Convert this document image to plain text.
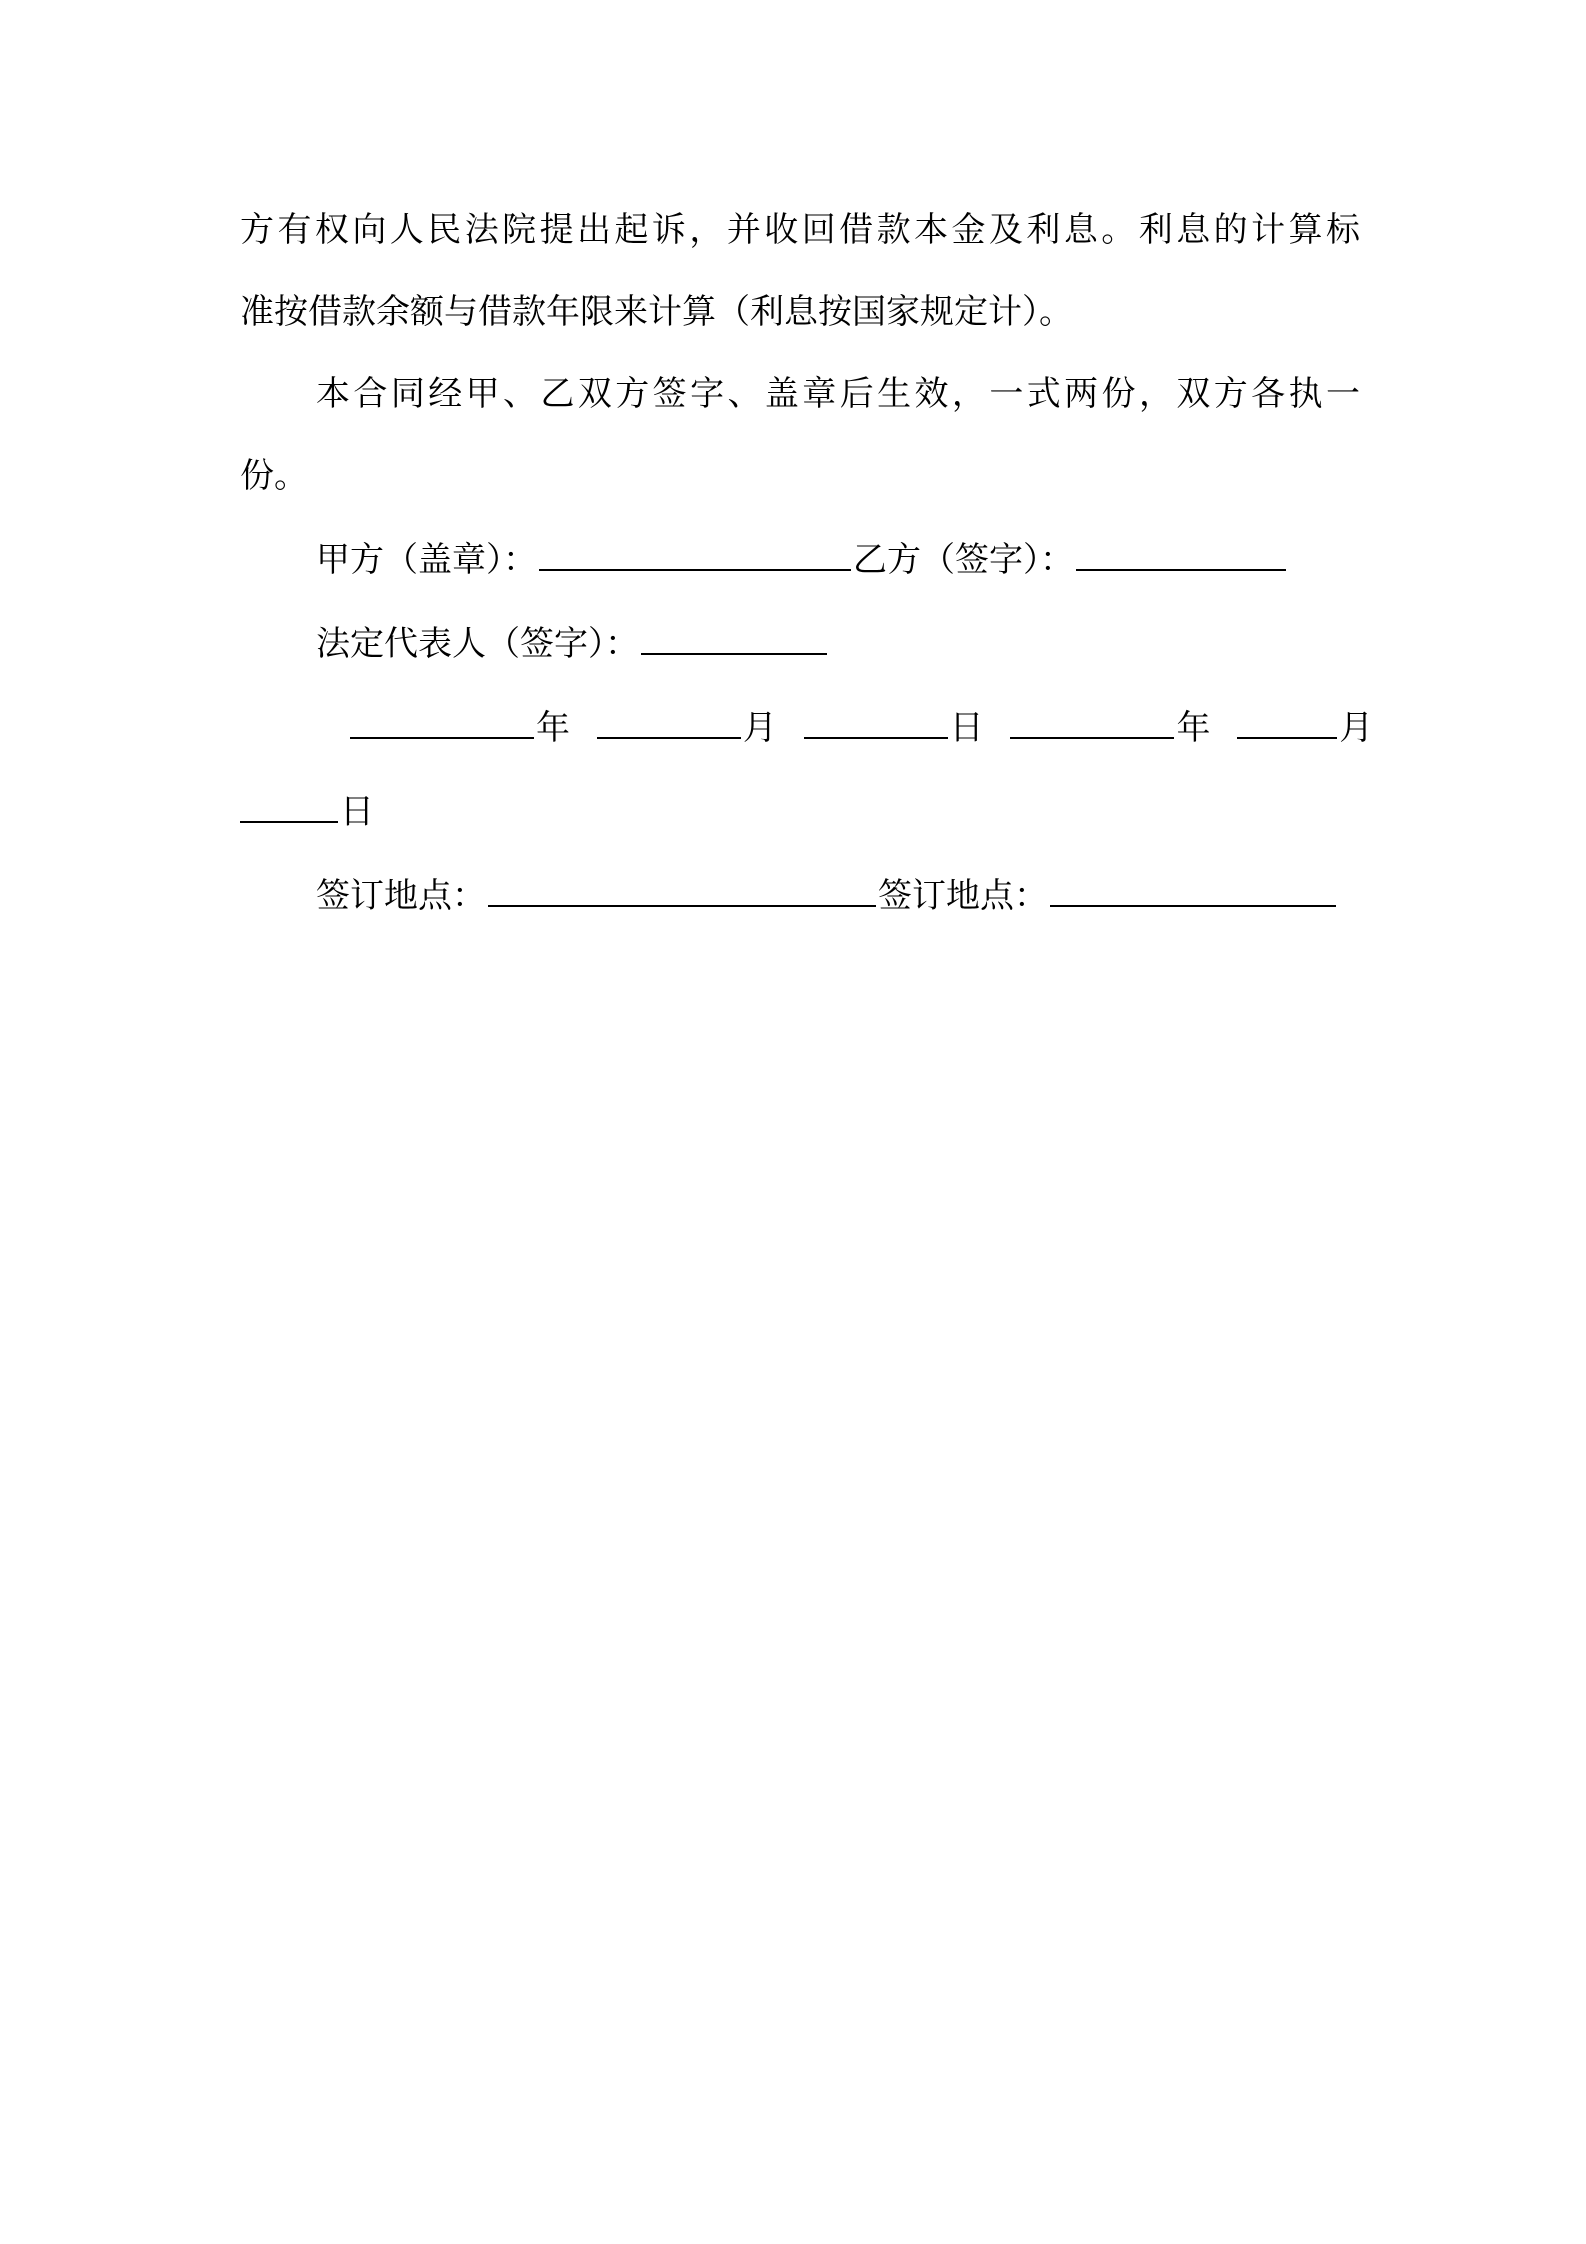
方有权向人民法院提出起诉，并收回借款本金及利息。利息的计算标
准按借款余额与借款年限来计算（利息按国家规定计）。
本合同经甲、乙双方签字、盖章后生效，一式两份，双方各执一
份。
甲方（盖章）：	乙方（签字）：
法定代表人（签字）：
年	月	日	年	月
日
签订地点：	签订地点：
